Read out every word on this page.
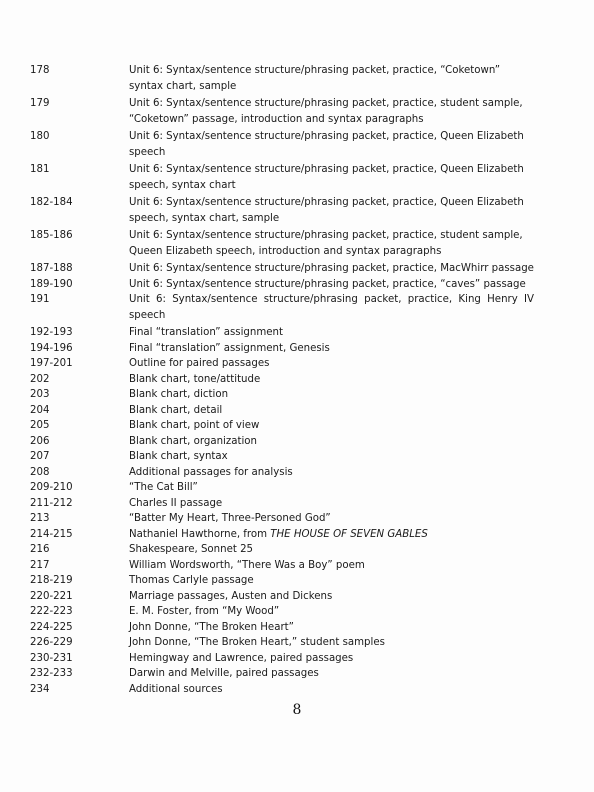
178	Unit 6: Syntax/sentence structure/phrasing packet, practice, “Coketown” syntax chart, sample
179	Unit 6: Syntax/sentence structure/phrasing packet, practice, student sample, “Coketown” passage, introduction and syntax paragraphs
180	Unit 6: Syntax/sentence structure/phrasing packet, practice, Queen Elizabeth speech
181	Unit 6: Syntax/sentence structure/phrasing packet, practice, Queen Elizabeth speech, syntax chart
182-184	Unit 6: Syntax/sentence structure/phrasing packet, practice, Queen Elizabeth speech, syntax chart, sample
185-186	Unit 6: Syntax/sentence structure/phrasing packet, practice, student sample, Queen Elizabeth speech, introduction and syntax paragraphs
187-188	Unit 6: Syntax/sentence structure/phrasing packet, practice, MacWhirr passage
189-190	Unit 6: Syntax/sentence structure/phrasing packet, practice, “caves” passage
191	Unit 6: Syntax/sentence structure/phrasing packet, practice, King Henry IV speech
192-193	Final “translation” assignment
194-196	Final “translation” assignment, Genesis
197-201	Outline for paired passages
202	Blank chart, tone/attitude
203	Blank chart, diction
204	Blank chart, detail
205	Blank chart, point of view
206	Blank chart, organization
207	Blank chart, syntax
208	Additional passages for analysis
209-210	“The Cat Bill”
211-212	Charles II passage
213	“Batter My Heart, Three-Personed God”
214-215	Nathaniel Hawthorne, from THE HOUSE OF SEVEN GABLES
216	Shakespeare, Sonnet 25
217	William Wordsworth, “There Was a Boy” poem
218-219	Thomas Carlyle passage
220-221	Marriage passages, Austen and Dickens
222-223	E. M. Foster, from “My Wood”
224-225	John Donne, “The Broken Heart”
226-229	John Donne, “The Broken Heart,” student samples
230-231	Hemingway and Lawrence, paired passages
232-233	Darwin and Melville, paired passages
234	Additional sources
8
